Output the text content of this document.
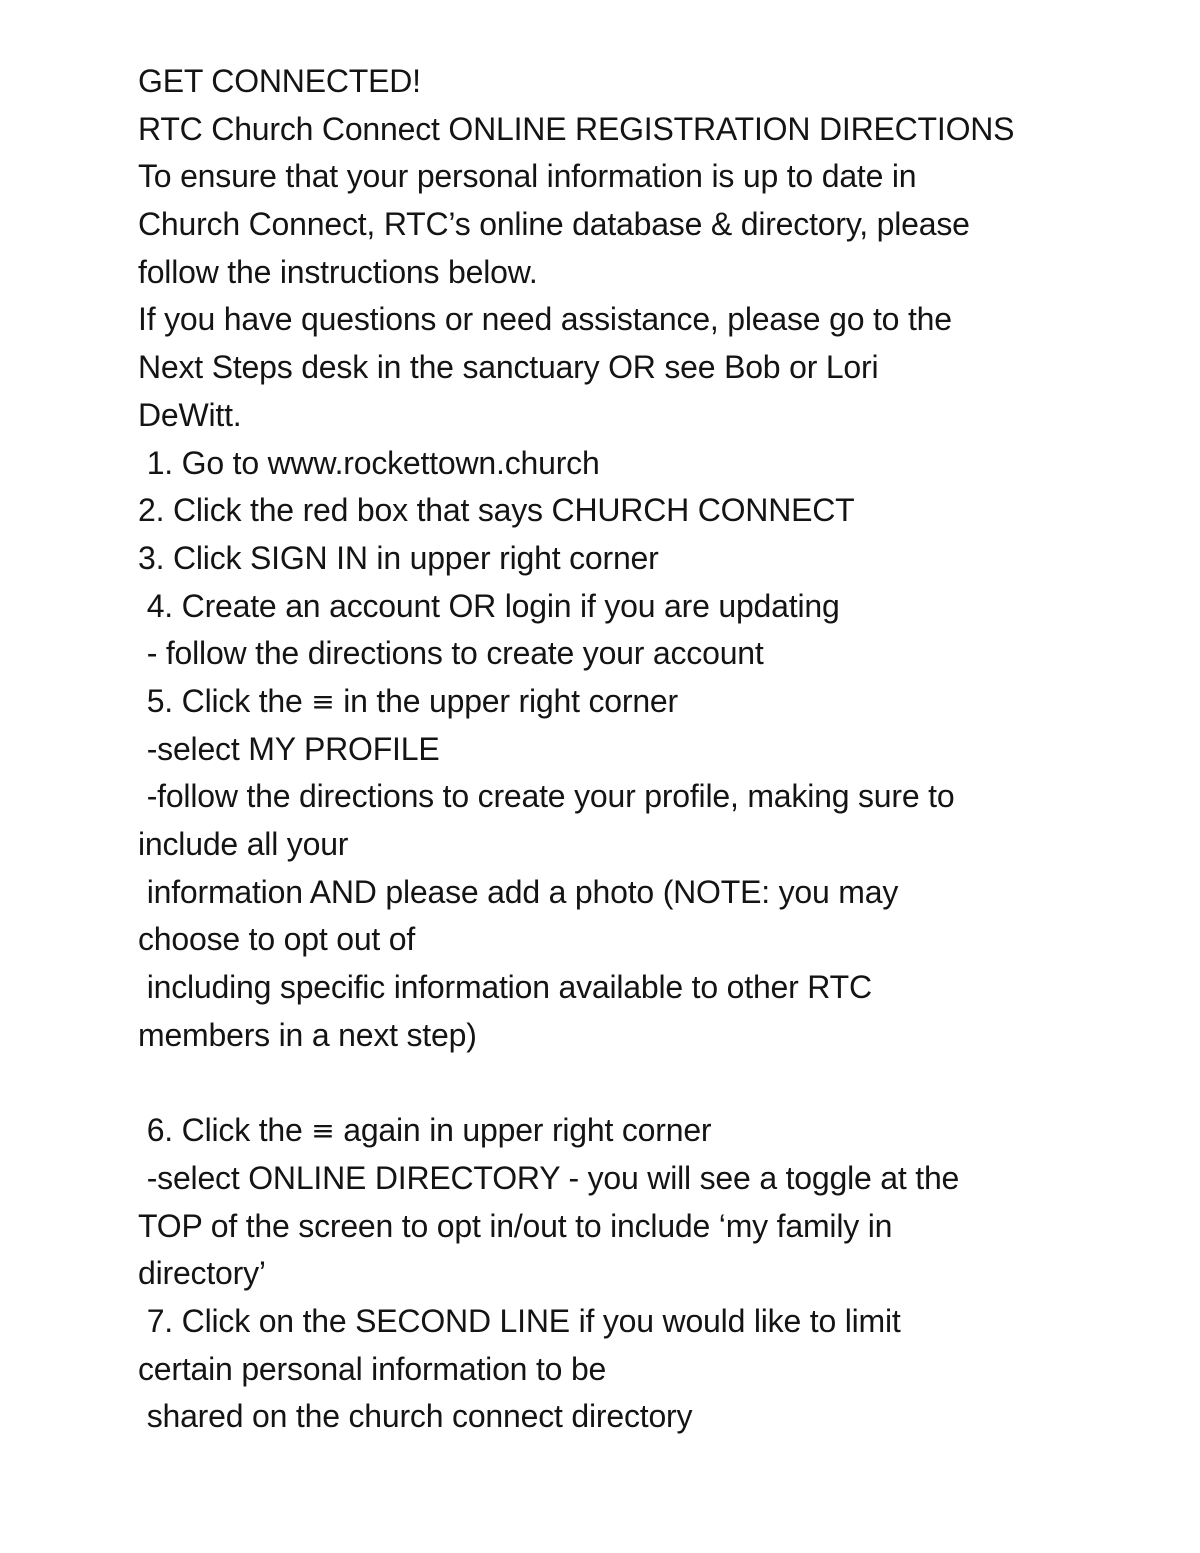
GET CONNECTED!
RTC Church Connect ONLINE REGISTRATION DIRECTIONS
To ensure that your personal information is up to date in
Church Connect, RTC’s online database & directory, please
follow the instructions below.
If you have questions or need assistance, please go to the
Next Steps desk in the sanctuary OR see Bob or Lori
DeWitt.
1. Go to www.rockettown.church
2. Click the red box that says CHURCH CONNECT
3. Click SIGN IN in upper right corner
4. Create an account OR login if you are updating
- follow the directions to create your account
5. Click the ≡ in the upper right corner
-select MY PROFILE
-follow the directions to create your profile, making sure to
include all your
information AND please add a photo (NOTE: you may
choose to opt out of
including specific information available to other RTC
members in a next step)
6. Click the ≡ again in upper right corner
-select ONLINE DIRECTORY - you will see a toggle at the
TOP of the screen to opt in/out to include ‘my family in
directory’
7. Click on the SECOND LINE if you would like to limit
certain personal information to be
shared on the church connect directory
